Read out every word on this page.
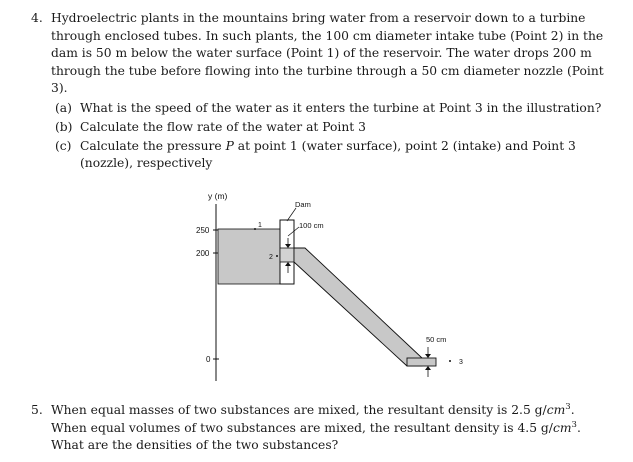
4. Hydroelectric plants in the mountains bring water from a reservoir down to a turbine through enclosed tubes. In such plants, the 100 cm diameter intake tube (Point 2) in the dam is 50 m below the water surface (Point 1) of the reservoir. The water drops 200 m through the tube before flowing into the turbine through a 50 cm diameter nozzle (Point 3).
(a) What is the speed of the water as it enters the turbine at Point 3 in the illustration?
(b) Calculate the flow rate of the water at Point 3
(c) Calculate the pressure P at point 1 (water surface), point 2 (intake) and Point 3 (nozzle), respectively
y (m)
250
200
0
Dam
100 cm
50 cm
1
2
3
5. When equal masses of two substances are mixed, the resultant density is 2.5 $g/cm^3$. When equal volumes of two substances are mixed, the resultant density is 4.5 $g/cm^3$. What are the densities of the two substances?
